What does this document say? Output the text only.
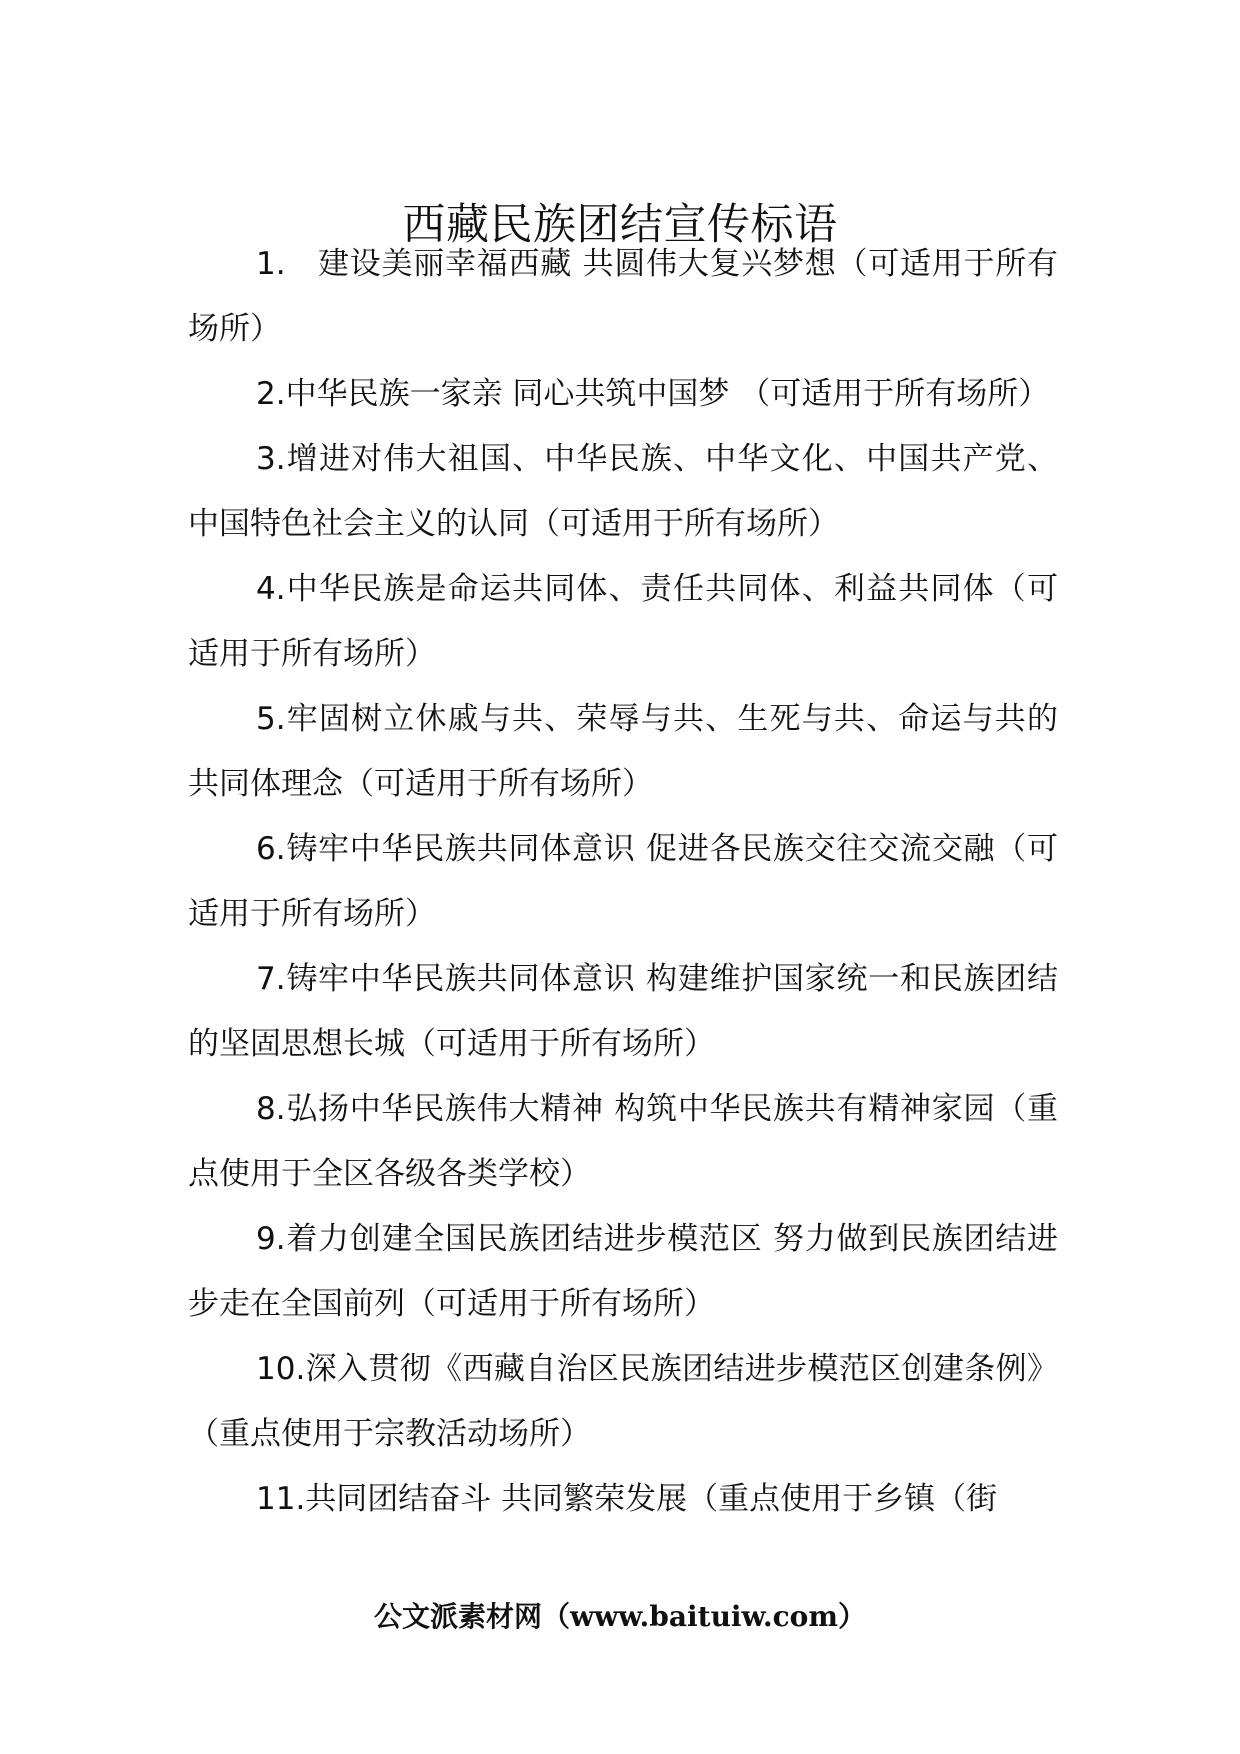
西藏民族团结宣传标语

1.　建设美丽幸福西藏 共圆伟大复兴梦想（可适用于所有场所）

2.中华民族一家亲 同心共筑中国梦 （可适用于所有场所）

3.增进对伟大祖国、中华民族、中华文化、中国共产党、中国特色社会主义的认同（可适用于所有场所）

4.中华民族是命运共同体、责任共同体、利益共同体（可适用于所有场所）

5.牢固树立休戚与共、荣辱与共、生死与共、命运与共的共同体理念（可适用于所有场所）

6.铸牢中华民族共同体意识 促进各民族交往交流交融（可适用于所有场所）

7.铸牢中华民族共同体意识 构建维护国家统一和民族团结的坚固思想长城（可适用于所有场所）

8.弘扬中华民族伟大精神 构筑中华民族共有精神家园（重点使用于全区各级各类学校）

9.着力创建全国民族团结进步模范区 努力做到民族团结进步走在全国前列（可适用于所有场所）

10.深入贯彻《西藏自治区民族团结进步模范区创建条例》（重点使用于宗教活动场所）

11.共同团结奋斗 共同繁荣发展（重点使用于乡镇（街

公文派素材网（www.baituiw.com）
